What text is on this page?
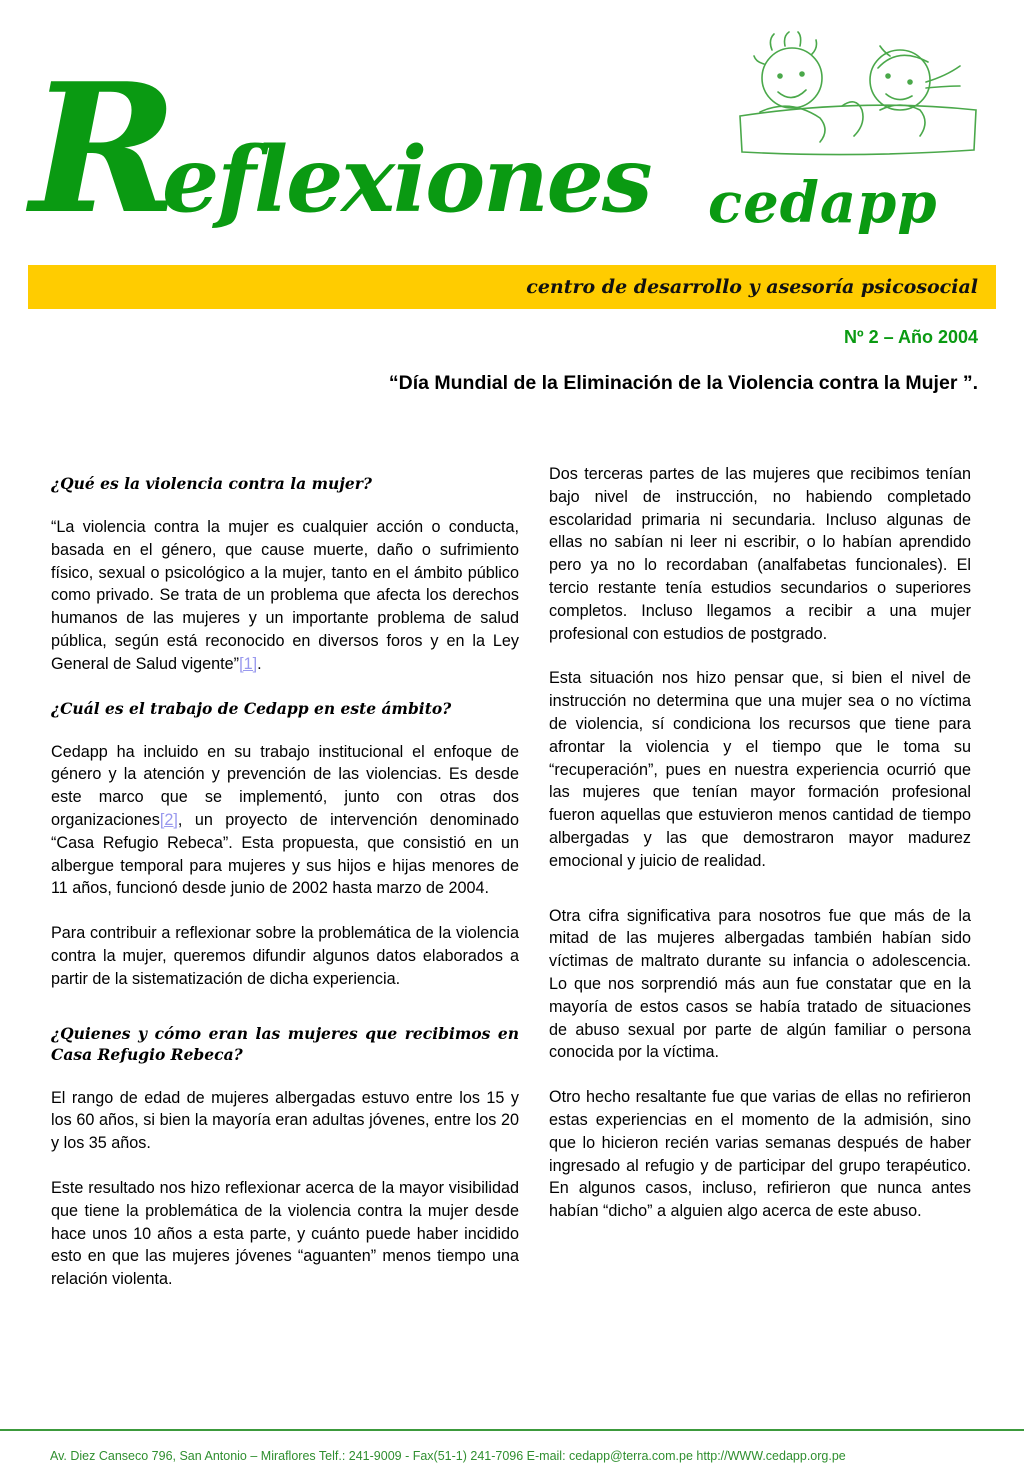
Reflexiones cedapp
centro de desarrollo y asesoría psicosocial
Nº 2 – Año 2004
“Día Mundial de la Eliminación de la Violencia contra la Mujer ”.
¿Qué es la violencia contra la mujer?

“La violencia contra la mujer es cualquier acción o conducta, basada en el género, que cause muerte, daño o sufrimiento físico, sexual o psicológico a la mujer, tanto en el ámbito público como privado. Se trata de un problema que afecta los derechos humanos de las mujeres y un importante problema de salud pública, según está reconocido en diversos foros y en la Ley General de Salud vigente”[1].

¿Cuál es el trabajo de Cedapp en este ámbito?

Cedapp ha incluido en su trabajo institucional el enfoque de género y la atención y prevención de las violencias. Es desde este marco que se implementó, junto con otras dos organizaciones[2], un proyecto de intervención denominado “Casa Refugio Rebeca”. Esta propuesta, que consistió en un albergue temporal para mujeres y sus hijos e hijas menores de 11 años, funcionó desde junio de 2002 hasta marzo de 2004.

Para contribuir a reflexionar sobre la problemática de la violencia contra la mujer, queremos difundir algunos datos elaborados a partir de la sistematización de dicha experiencia.

¿Quienes y cómo eran las mujeres que recibimos en Casa Refugio Rebeca?

El rango de edad de mujeres albergadas estuvo entre los 15 y los 60 años, si bien la mayoría eran adultas jóvenes, entre los 20 y los 35 años.

Este resultado nos hizo reflexionar acerca de la mayor visibilidad que tiene la problemática de la violencia contra la mujer desde hace unos 10 años a esta parte, y cuánto puede haber incidido esto en que las mujeres jóvenes “aguanten” menos tiempo una relación violenta.

Dos terceras partes de las mujeres que recibimos tenían bajo nivel de instrucción, no habiendo completado escolaridad primaria ni secundaria. Incluso algunas de ellas no sabían ni leer ni escribir, o lo habían aprendido pero ya no lo recordaban (analfabetas funcionales). El tercio restante tenía estudios secundarios o superiores completos. Incluso llegamos a recibir a una mujer profesional con estudios de postgrado.

Esta situación nos hizo pensar que, si bien el nivel de instrucción no determina que una mujer sea o no víctima de violencia, sí condiciona los recursos que tiene para afrontar la violencia y el tiempo que le toma su “recuperación”, pues en nuestra experiencia ocurrió que las mujeres que tenían mayor formación profesional fueron aquellas que estuvieron menos cantidad de tiempo albergadas y las que demostraron mayor madurez emocional y juicio de realidad.

Otra cifra significativa para nosotros fue que más de la mitad de las mujeres albergadas también habían sido víctimas de maltrato durante su infancia o adolescencia. Lo que nos sorprendió más aun fue constatar que en la mayoría de estos casos se había tratado de situaciones de abuso sexual por parte de algún familiar o persona conocida por la víctima.

Otro hecho resaltante fue que varias de ellas no refirieron estas experiencias en el momento de la admisión, sino que lo hicieron recién varias semanas después de haber ingresado al refugio y de participar del grupo terapéutico. En algunos casos, incluso, refirieron que nunca antes habían “dicho” a alguien algo acerca de este abuso.

Av. Diez Canseco 796, San Antonio – Miraflores Telf.: 241-9009 - Fax(51-1) 241-7096 E-mail: cedapp@terra.com.pe http://WWW.cedapp.org.pe
